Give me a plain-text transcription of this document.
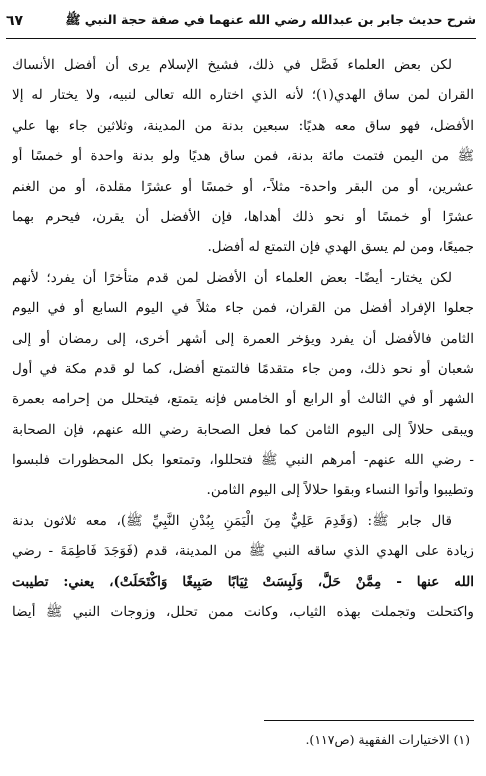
شرح حديث جابر بن عبدالله رضي الله عنهما في صفة حجة النبي ﷺ
٦٧
لكن بعض العلماء فَصَّل في ذلك، فشيخ الإسلام يرى أن أفضل الأنساك
القران لمن ساق الهدي(١)؛ لأنه الذي اختاره الله تعالى لنبيه، ولا يختار له إلا
الأفضل، فهو ساق معه هديًا: سبعين بدنة من المدينة، وثلاثين جاء بها علي
ﷺ من اليمن فتمت مائة بدنة، فمن ساق هديًا ولو بدنة واحدة أو خمسًا أو
عشرين، أو من البقر واحدة- مثلاً-، أو خمسًا أو عشرًا مقلدة، أو من الغنم
عشرًا أو خمسًا أو نحو ذلك أهداها، فإن الأفضل أن يقرن، فيحرم بهما
جميعًا، ومن لم يسق الهدي فإن التمتع له أفضل.
لكن يختار- أيضًا- بعض العلماء أن الأفضل لمن قدم متأخرًا أن يفرد؛ لأنهم
جعلوا الإفراد أفضل من القران، فمن جاء مثلاً في اليوم السابع أو في اليوم
الثامن فالأفضل أن يفرد ويؤخر العمرة إلى أشهر أخرى، إلى رمضان أو إلى
شعبان أو نحو ذلك، ومن جاء متقدمًا فالتمتع أفضل، كما لو قدم مكة في أول
الشهر أو في الثالث أو الرابع أو الخامس فإنه يتمتع، فيتحلل من إحرامه بعمرة
ويبقى حلالاً إلى اليوم الثامن كما فعل الصحابة رضي الله عنهم، فإن الصحابة
- رضي الله عنهم- أمرهم النبي ﷺ فتحللوا، وتمتعوا بكل المحظورات فلبسوا
وتطيبوا وأتوا النساء وبقوا حلالاً إلى اليوم الثامن.
قال جابر ﷺ: (وَقَدِمَ عَلِيٌّ مِنَ الْيَمَنِ بِبُدْنِ النَّبِيِّ ﷺ)، معه ثلاثون بدنة
زيادة على الهدي الذي ساقه النبي ﷺ من المدينة، قدم (فَوَجَدَ فَاطِمَةَ - رضي
الله عنها - مِمَّنْ حَلَّ، وَلَبِسَتْ ثِيَابًا صَبِيغًا وَاكْتَحَلَتْ)، يعني: تطيبت
واكتحلت وتجملت بهذه الثياب، وكانت ممن تحلل، وزوجات النبي ﷺ أيضا
(١) الاختيارات الفقهية (ص١١٧).
